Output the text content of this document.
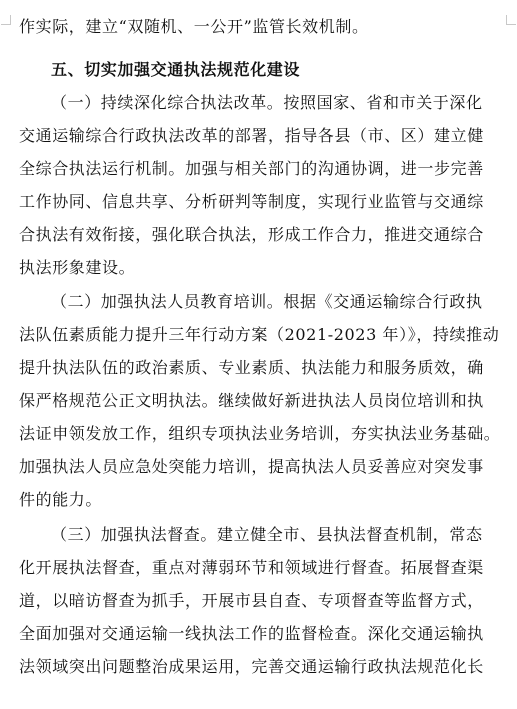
作实际，建立“双随机、一公开”监管长效机制。
五、切实加强交通执法规范化建设
（一）持续深化综合执法改革。按照国家、省和市关于深化
交通运输综合行政执法改革的部署，指导各县（市、区）建立健
全综合执法运行机制。加强与相关部门的沟通协调，进一步完善
工作协同、信息共享、分析研判等制度，实现行业监管与交通综
合执法有效衔接，强化联合执法，形成工作合力，推进交通综合
执法形象建设。
（二）加强执法人员教育培训。根据《交通运输综合行政执
法队伍素质能力提升三年行动方案（2021-2023 年）》，持续推动
提升执法队伍的政治素质、专业素质、执法能力和服务质效，确
保严格规范公正文明执法。继续做好新进执法人员岗位培训和执
法证申领发放工作，组织专项执法业务培训，夯实执法业务基础。
加强执法人员应急处突能力培训，提高执法人员妥善应对突发事
件的能力。
（三）加强执法督查。建立健全市、县执法督查机制，常态
化开展执法督查，重点对薄弱环节和领域进行督查。拓展督查渠
道，以暗访督查为抓手，开展市县自查、专项督查等监督方式，
全面加强对交通运输一线执法工作的监督检查。深化交通运输执
法领域突出问题整治成果运用，完善交通运输行政执法规范化长
